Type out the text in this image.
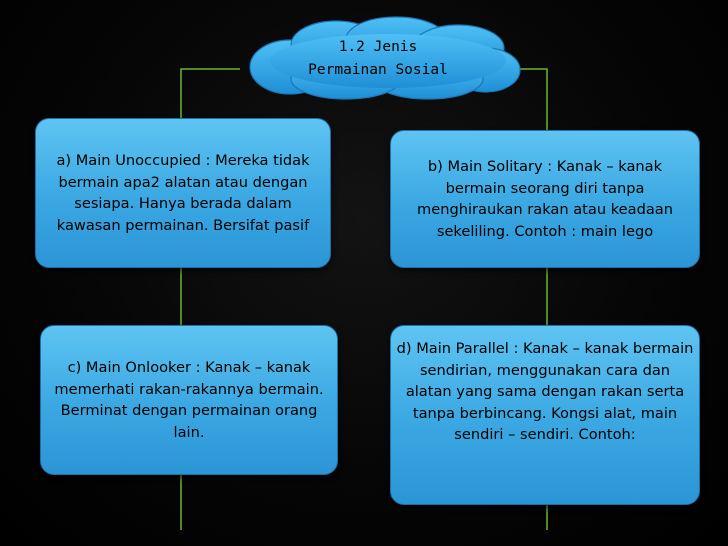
1.2 Jenis
Permainan Sosial
a) Main Unoccupied : Mereka tidak bermain apa2 alatan atau dengan sesiapa. Hanya berada dalam kawasan permainan. Bersifat pasif
b) Main Solitary : Kanak – kanak bermain seorang diri tanpa menghiraukan rakan atau keadaan sekeliling. Contoh : main lego
c) Main Onlooker : Kanak – kanak memerhati rakan-rakannya bermain. Berminat dengan permainan orang lain.
d) Main Parallel : Kanak – kanak bermain sendirian, menggunakan cara dan alatan yang sama dengan rakan serta tanpa berbincang. Kongsi alat, main sendiri – sendiri. Contoh:
